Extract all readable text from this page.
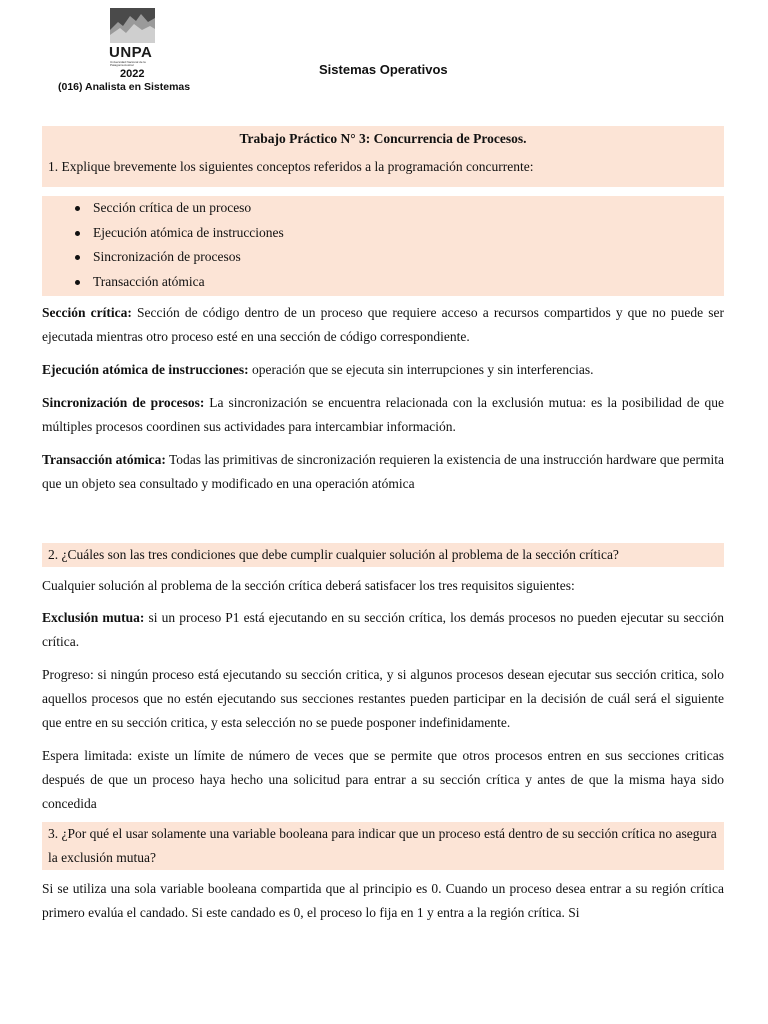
UNPA
Universidad Nacional de la Patagonia Austral
2022
(016) Analista en Sistemas
Sistemas Operativos
Trabajo Práctico N° 3: Concurrencia de Procesos.
1. Explique brevemente los siguientes conceptos referidos a la programación concurrente:
Sección crítica de un proceso
Ejecución atómica de instrucciones
Sincronización de procesos
Transacción atómica

Sección crítica: Sección de código dentro de un proceso que requiere acceso a recursos compartidos y que no puede ser ejecutada mientras otro proceso esté en una sección de código correspondiente.

Ejecución atómica de instrucciones: operación que se ejecuta sin interrupciones y sin interferencias.

Sincronización de procesos: La sincronización se encuentra relacionada con la exclusión mutua: es la posibilidad de que múltiples procesos coordinen sus actividades para intercambiar información.

Transacción atómica: Todas las primitivas de sincronización requieren la existencia de una instrucción hardware que permita que un objeto sea consultado y modificado en una operación atómica

2. ¿Cuáles son las tres condiciones que debe cumplir cualquier solución al problema de la sección crítica?

Cualquier solución al problema de la sección crítica deberá satisfacer los tres requisitos siguientes:

Exclusión mutua: si un proceso P1 está ejecutando en su sección crítica, los demás procesos no pueden ejecutar su sección crítica.

Progreso: si ningún proceso está ejecutando su sección critica, y si algunos procesos desean ejecutar sus sección critica, solo aquellos procesos que no estén ejecutando sus secciones restantes pueden participar en la decisión de cuál será el siguiente que entre en su sección critica, y esta selección no se puede posponer indefinidamente.

Espera limitada: existe un límite de número de veces que se permite que otros procesos entren en sus secciones criticas después de que un proceso haya hecho una solicitud para entrar a su sección crítica y antes de que la misma haya sido concedida

3. ¿Por qué el usar solamente una variable booleana para indicar que un proceso está dentro de su sección crítica no asegura la exclusión mutua?

Si se utiliza una sola variable booleana compartida que al principio es 0. Cuando un proceso desea entrar a su región crítica primero evalúa el candado. Si este candado es 0, el proceso lo fija en 1 y entra a la región crítica. Si
